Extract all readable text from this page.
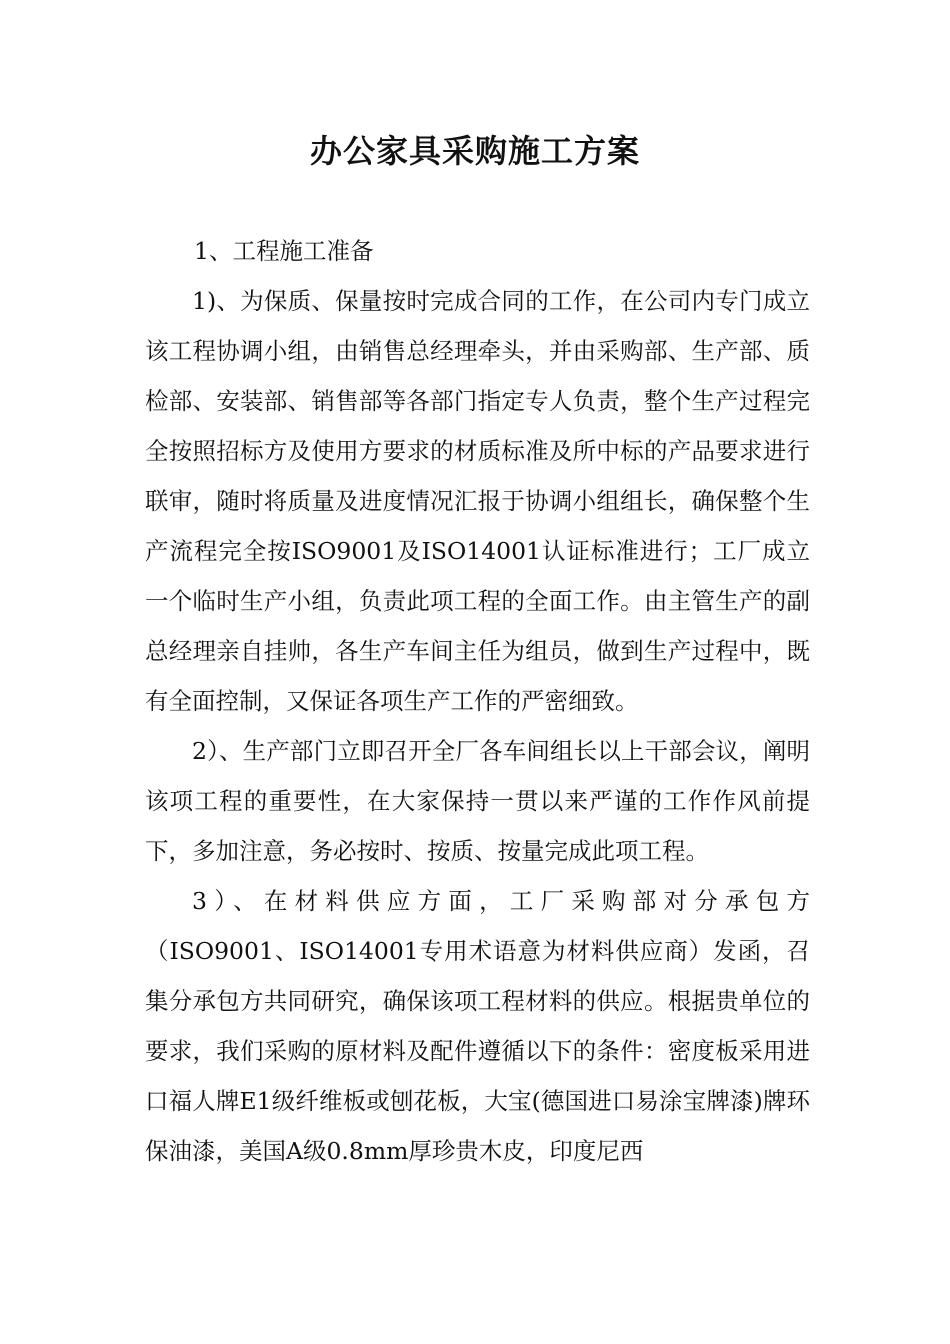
办公家具采购施工方案

1、工程施工准备

1)、为保质、保量按时完成合同的工作，在公司内专门成立该工程协调小组，由销售总经理牵头，并由采购部、生产部、质检部、安装部、销售部等各部门指定专人负责，整个生产过程完全按照招标方及使用方要求的材质标准及所中标的产品要求进行联审，随时将质量及进度情况汇报于协调小组组长，确保整个生产流程完全按ISO9001及ISO14001认证标准进行；工厂成立一个临时生产小组，负责此项工程的全面工作。由主管生产的副总经理亲自挂帅，各生产车间主任为组员，做到生产过程中，既有全面控制，又保证各项生产工作的严密细致。

2）、生产部门立即召开全厂各车间组长以上干部会议，阐明该项工程的重要性，在大家保持一贯以来严谨的工作作风前提下，多加注意，务必按时、按质、按量完成此项工程。

3）、在材料供应方面，工厂采购部对分承包方（ISO9001、ISO14001专用术语意为材料供应商）发函，召集分承包方共同研究，确保该项工程材料的供应。根据贵单位的要求，我们采购的原材料及配件遵循以下的条件：密度板采用进口福人牌E1级纤维板或刨花板，大宝(德国进口易涂宝牌漆)牌环保油漆，美国A级0.8mm厚珍贵木皮，印度尼西
